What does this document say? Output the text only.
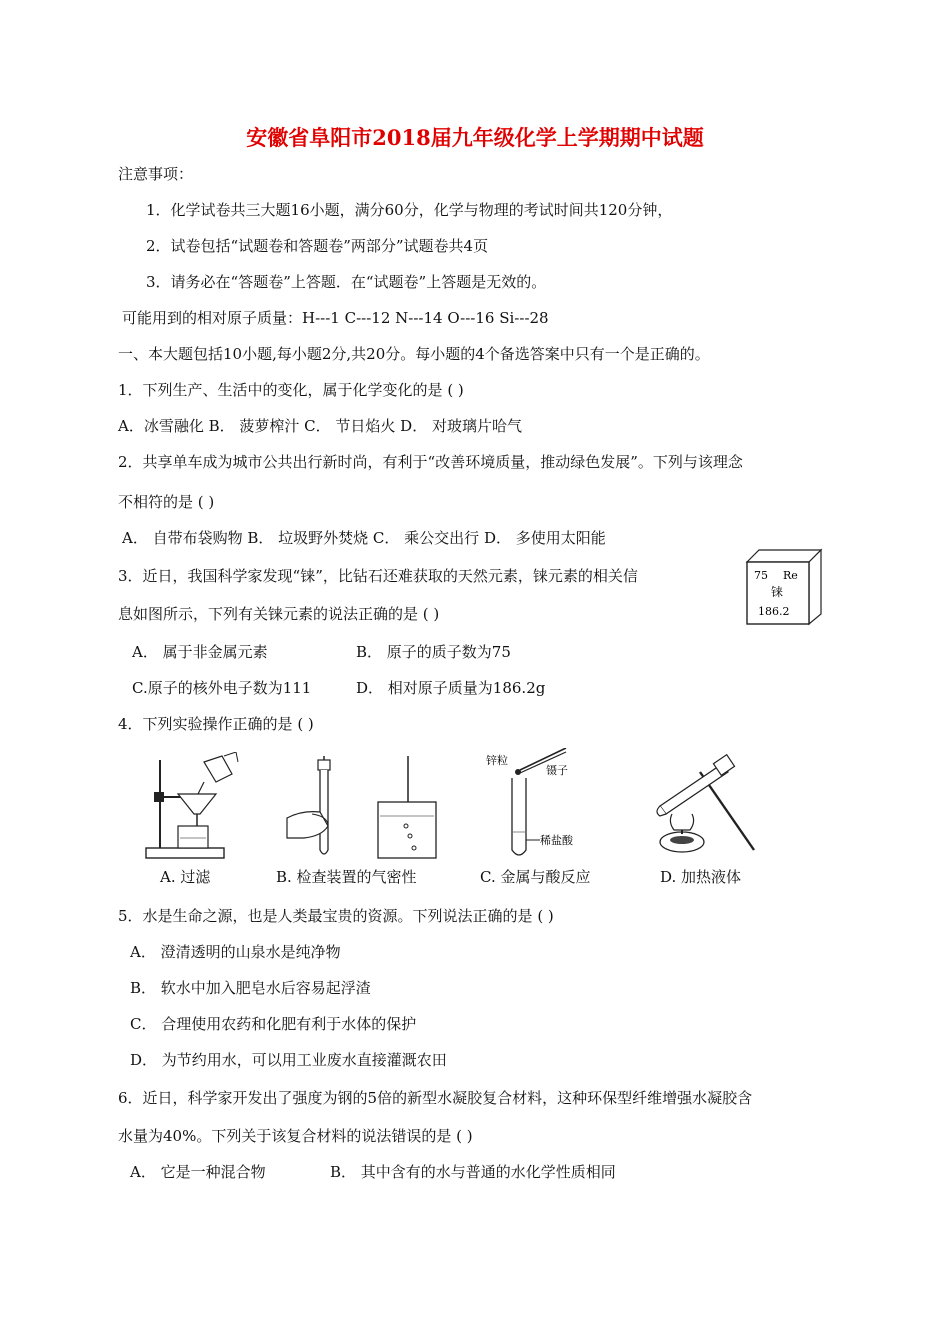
安徽省阜阳市2018届九年级化学上学期期中试题
注意事项：
1．化学试卷共三大题16小题，满分60分，化学与物理的考试时间共120分钟，
2．试卷包括“试题卷和答题卷”两部分”试题卷共4页
3．请务必在“答题卷”上答题．在“试题卷”上答题是无效的。
可能用到的相对原子质量：H---1 C---12 N---14 O---16 Si---28
一、本大题包括10小题,每小题2分,共20分。每小题的4个备选答案中只有一个是正确的。
1．下列生产、生活中的变化，属于化学变化的是 ( )
A．冰雪融化 B． 菠萝榨汁 C． 节日焰火 D． 对玻璃片哈气
2．共享单车成为城市公共出行新时尚，有利于“改善环境质量，推动绿色发展”。下列与该理念
不相符的是 ( )
A． 自带布袋购物 B． 垃圾野外焚烧 C． 乘公交出行 D． 多使用太阳能
3．近日，我国科学家发现“铼”，比钻石还难获取的天然元素，铼元素的相关信
息如图所示，下列有关铼元素的说法正确的是 ( )
A． 属于非金属元素	B． 原子的质子数为75
C.原子的核外电子数为111	D． 相对原子质量为186.2g
75 Re
铼
186.2
4．下列实验操作正确的是 ( )
A. 过滤	B. 检查装置的气密性
锌粒
镊子
稀盐酸
C. 金属与酸反应	D. 加热液体
5．水是生命之源，也是人类最宝贵的资源。下列说法正确的是 ( )
A． 澄清透明的山泉水是纯净物
B． 软水中加入肥皂水后容易起浮渣
C． 合理使用农药和化肥有利于水体的保护
D． 为节约用水，可以用工业废水直接灌溉农田
6．近日，科学家开发出了强度为钢的5倍的新型水凝胶复合材料，这种环保型纤维增强水凝胶含
水量为40%。下列关于该复合材料的说法错误的是 ( )
A． 它是一种混合物	B． 其中含有的水与普通的水化学性质相同
